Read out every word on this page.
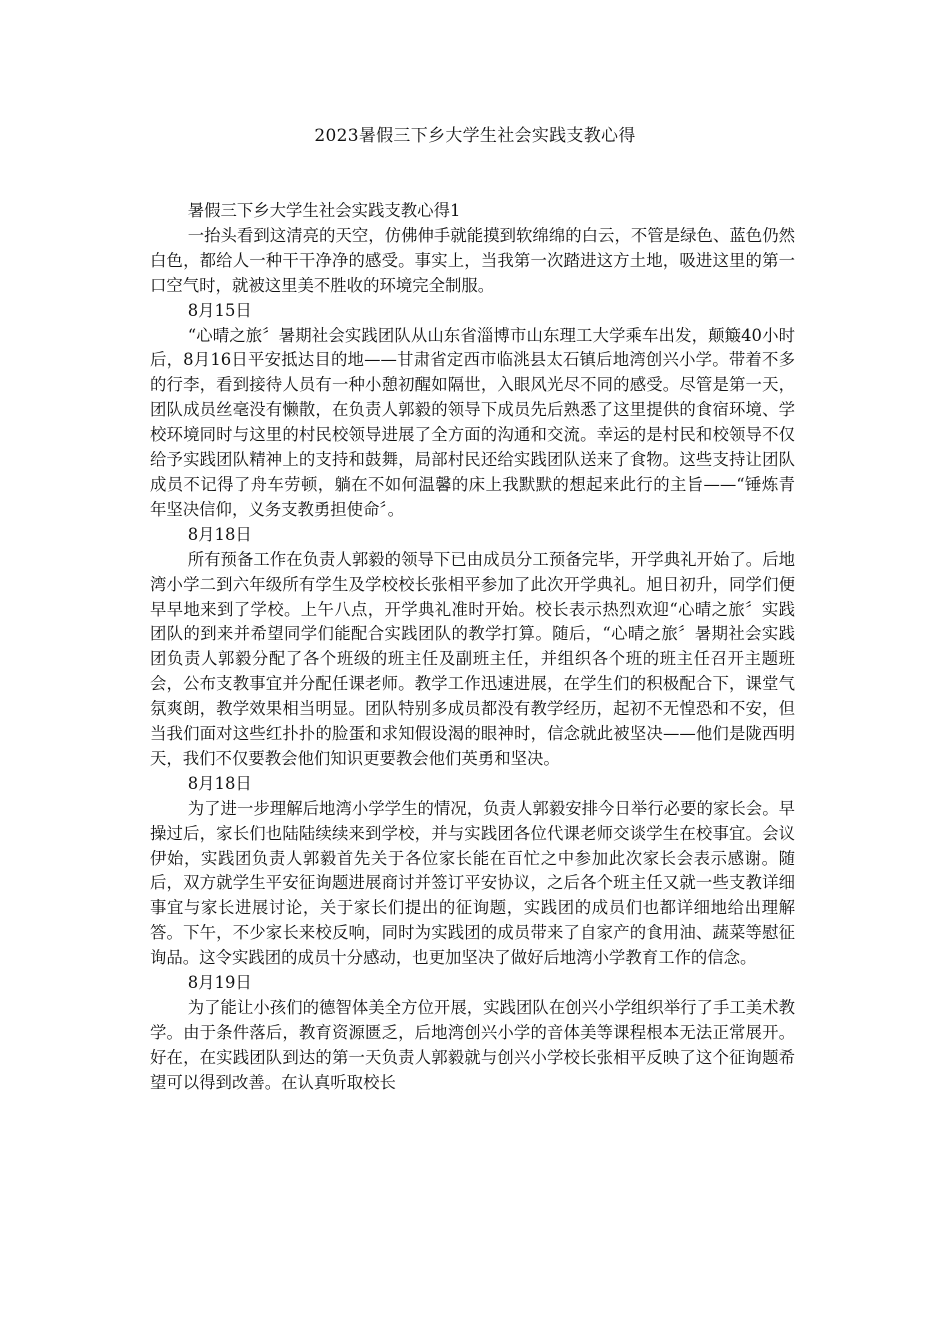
2023暑假三下乡大学生社会实践支教心得

暑假三下乡大学生社会实践支教心得1

一抬头看到这清亮的天空，仿佛伸手就能摸到软绵绵的白云，不管是绿色、蓝色仍然白色，都给人一种干干净净的感受。事实上，当我第一次踏进这方土地，吸进这里的第一口空气时，就被这里美不胜收的环境完全制服。

8月15日

“心晴之旅〞暑期社会实践团队从山东省淄博市山东理工大学乘车出发，颠簸40小时后，8月16日平安抵达目的地——甘肃省定西市临洮县太石镇后地湾创兴小学。带着不多的行李，看到接待人员有一种小憩初醒如隔世，入眼风光尽不同的感受。尽管是第一天，团队成员丝毫没有懒散，在负责人郭毅的领导下成员先后熟悉了这里提供的食宿环境、学校环境同时与这里的村民校领导进展了全方面的沟通和交流。幸运的是村民和校领导不仅给予实践团队精神上的支持和鼓舞，局部村民还给实践团队送来了食物。这些支持让团队成员不记得了舟车劳顿，躺在不如何温馨的床上我默默的想起来此行的主旨——“锤炼青年坚决信仰，义务支教勇担使命〞。

8月18日

所有预备工作在负责人郭毅的领导下已由成员分工预备完毕，开学典礼开始了。后地湾小学二到六年级所有学生及学校校长张相平参加了此次开学典礼。旭日初升，同学们便早早地来到了学校。上午八点，开学典礼准时开始。校长表示热烈欢迎“心晴之旅〞实践团队的到来并希望同学们能配合实践团队的教学打算。随后，“心晴之旅〞暑期社会实践团负责人郭毅分配了各个班级的班主任及副班主任，并组织各个班的班主任召开主题班会，公布支教事宜并分配任课老师。教学工作迅速进展，在学生们的积极配合下，课堂气氛爽朗，教学效果相当明显。团队特别多成员都没有教学经历，起初不无惶恐和不安，但当我们面对这些红扑扑的脸蛋和求知假设渴的眼神时，信念就此被坚决——他们是陇西明天，我们不仅要教会他们知识更要教会他们英勇和坚决。

8月18日

为了进一步理解后地湾小学学生的情况，负责人郭毅安排今日举行必要的家长会。早操过后，家长们也陆陆续续来到学校，并与实践团各位代课老师交谈学生在校事宜。会议伊始，实践团负责人郭毅首先关于各位家长能在百忙之中参加此次家长会表示感谢。随后，双方就学生平安征询题进展商讨并签订平安协议，之后各个班主任又就一些支教详细事宜与家长进展讨论，关于家长们提出的征询题，实践团的成员们也都详细地给出理解答。下午，不少家长来校反响，同时为实践团的成员带来了自家产的食用油、蔬菜等慰征询品。这令实践团的成员十分感动，也更加坚决了做好后地湾小学教育工作的信念。

8月19日

为了能让小孩们的德智体美全方位开展，实践团队在创兴小学组织举行了手工美术教学。由于条件落后，教育资源匮乏，后地湾创兴小学的音体美等课程根本无法正常展开。好在，在实践团队到达的第一天负责人郭毅就与创兴小学校长张相平反映了这个征询题希望可以得到改善。在认真听取校长
